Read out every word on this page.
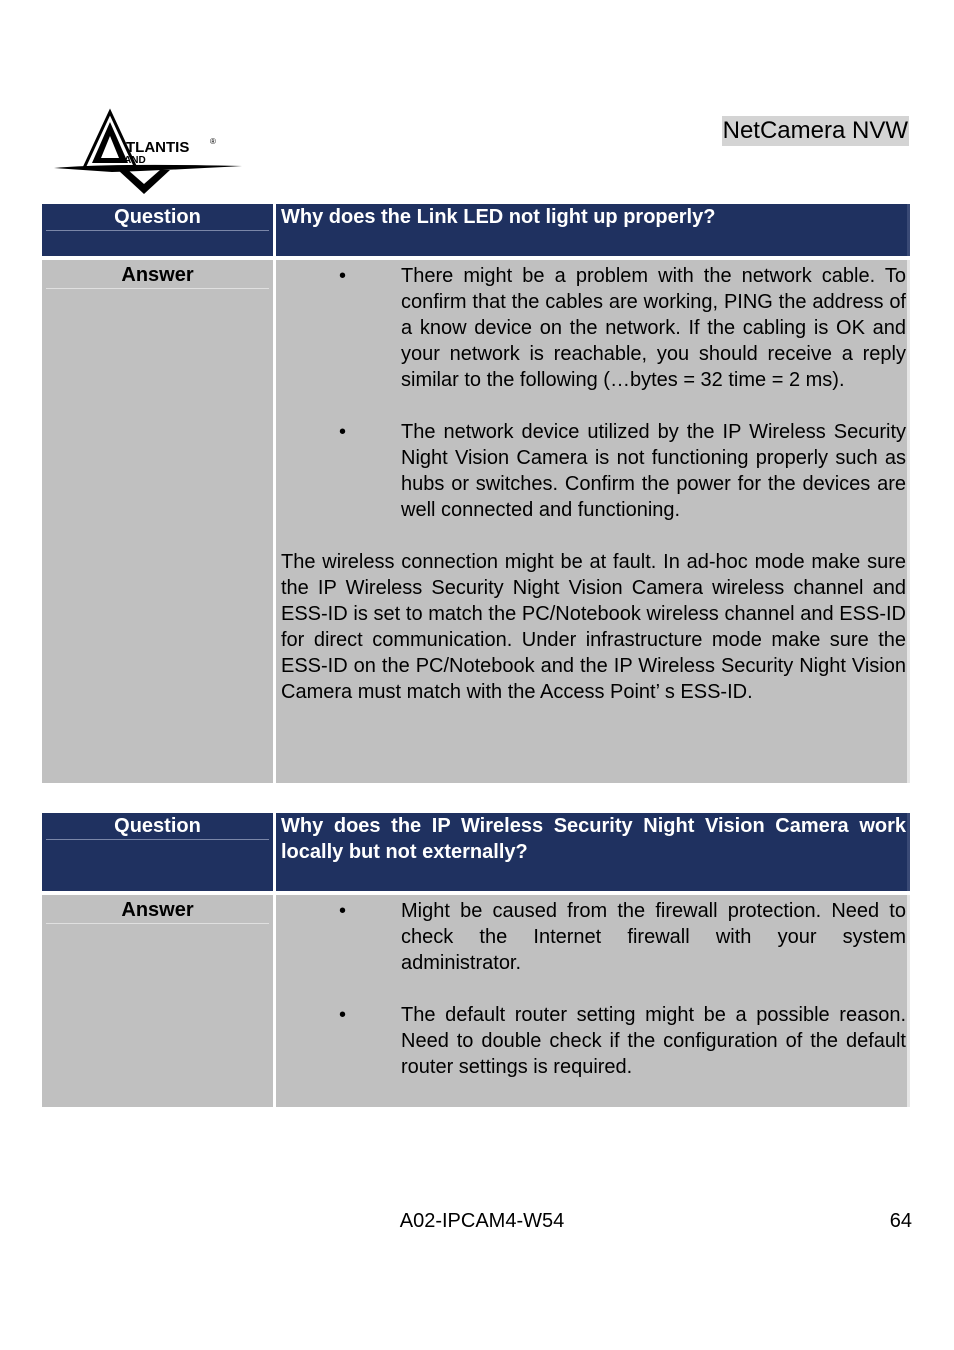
TLANTIS	®
AND
NetCamera NVW
Question	Why does the Link LED not light up properly?
Answer	•	There might be a problem with the network cable. To confirm that the cables are working, PING the address of a know device on the network. If the cabling is OK and your network is reachable, you should receive a reply similar to the following (…bytes = 32 time = 2 ms).
•	The network device utilized by the IP Wireless Security Night Vision Camera is not functioning properly such as hubs or switches. Confirm the power for the devices are well connected and functioning.
The wireless connection might be at fault. In ad-hoc mode make sure the IP Wireless Security Night Vision Camera wireless channel and ESS-ID is set to match the PC/Notebook wireless channel and ESS-ID for direct communication. Under infrastructure mode make sure the ESS-ID on the PC/Notebook and the IP Wireless Security Night Vision Camera must match with the Access Point’ s ESS-ID.
Question	Why does the IP Wireless Security Night Vision Camera work locally but not externally?
Answer	•	Might be caused from the firewall protection. Need to check the Internet firewall with your system administrator.
•	The default router setting might be a possible reason. Need to double check if the configuration of the default router settings is required.
A02-IPCAM4-W54	64
